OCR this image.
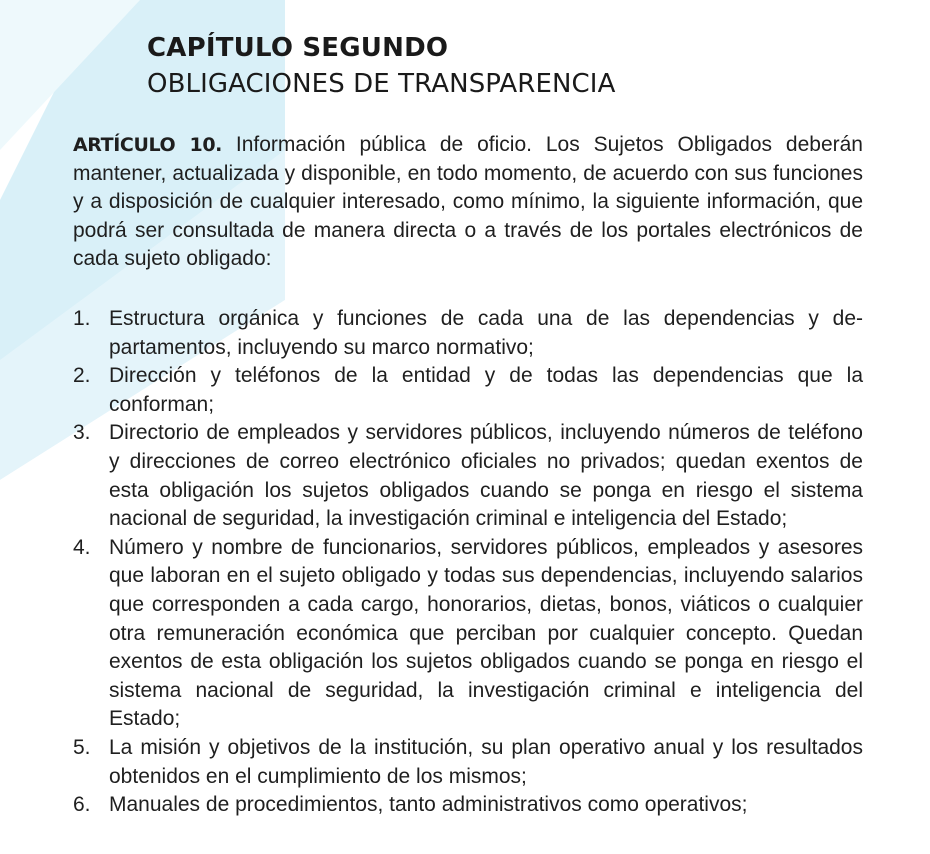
CAPÍTULO SEGUNDO
OBLIGACIONES DE TRANSPARENCIA

ARTÍCULO 10. Información pública de oficio. Los Sujetos Obligados deberán mantener, actualizada y disponible, en todo momento, de acuerdo con sus funciones y a disposición de cualquier interesado, como mínimo, la siguiente información, que podrá ser consultada de manera directa o a través de los portales electrónicos de cada sujeto obligado:

1. Estructura orgánica y funciones de cada una de las dependencias y departamentos, incluyendo su marco normativo;
2. Dirección y teléfonos de la entidad y de todas las dependencias que la conforman;
3. Directorio de empleados y servidores públicos, incluyendo números de teléfono y direcciones de correo electrónico oficiales no privados; quedan exentos de esta obligación los sujetos obligados cuando se ponga en riesgo el sistema nacional de seguridad, la investigación criminal e inteligencia del Estado;
4. Número y nombre de funcionarios, servidores públicos, empleados y asesores que laboran en el sujeto obligado y todas sus dependencias, incluyendo salarios que corresponden a cada cargo, honorarios, dietas, bonos, viáticos o cualquier otra remuneración económica que perciban por cualquier concepto. Quedan exentos de esta obligación los sujetos obligados cuando se ponga en riesgo el sistema nacional de seguridad, la investigación criminal e inteligencia del Estado;
5. La misión y objetivos de la institución, su plan operativo anual y los resultados obtenidos en el cumplimiento de los mismos;
6. Manuales de procedimientos, tanto administrativos como operativos;
